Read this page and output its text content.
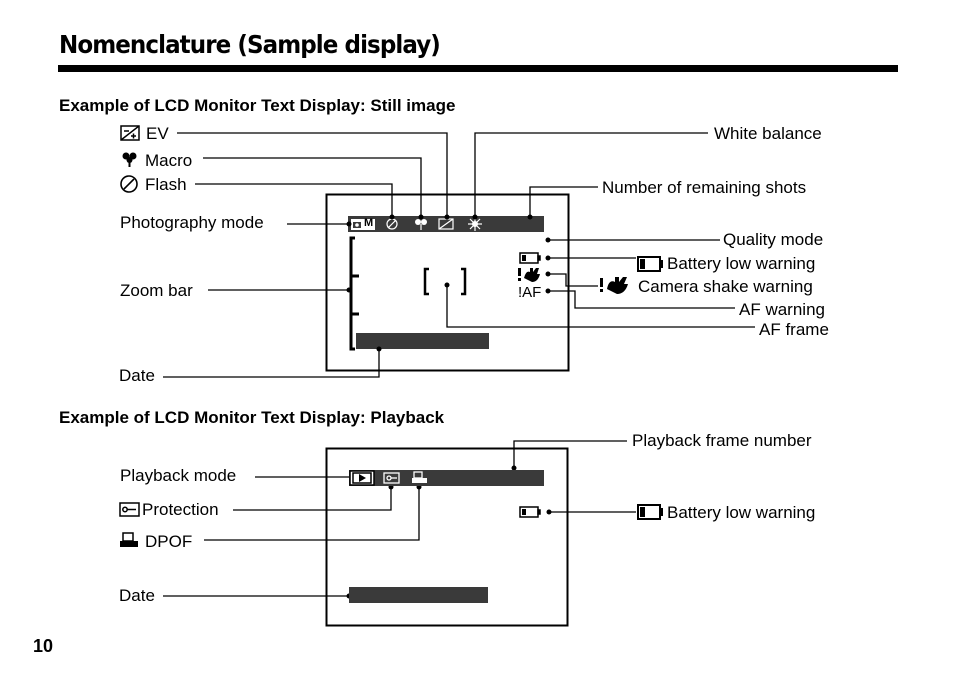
Nomenclature (Sample display)
Example of LCD Monitor Text Display: Still image
Example of LCD Monitor Text Display: Playback
M
!AF
EV
Macro
Flash
Photography mode
Zoom bar
Date
White balance
Number of remaining shots
Quality mode
Battery low warning
Camera shake warning
AF warning
AF frame
Playback mode
Protection
DPOF
Date
Playback frame number
Battery low warning
10
